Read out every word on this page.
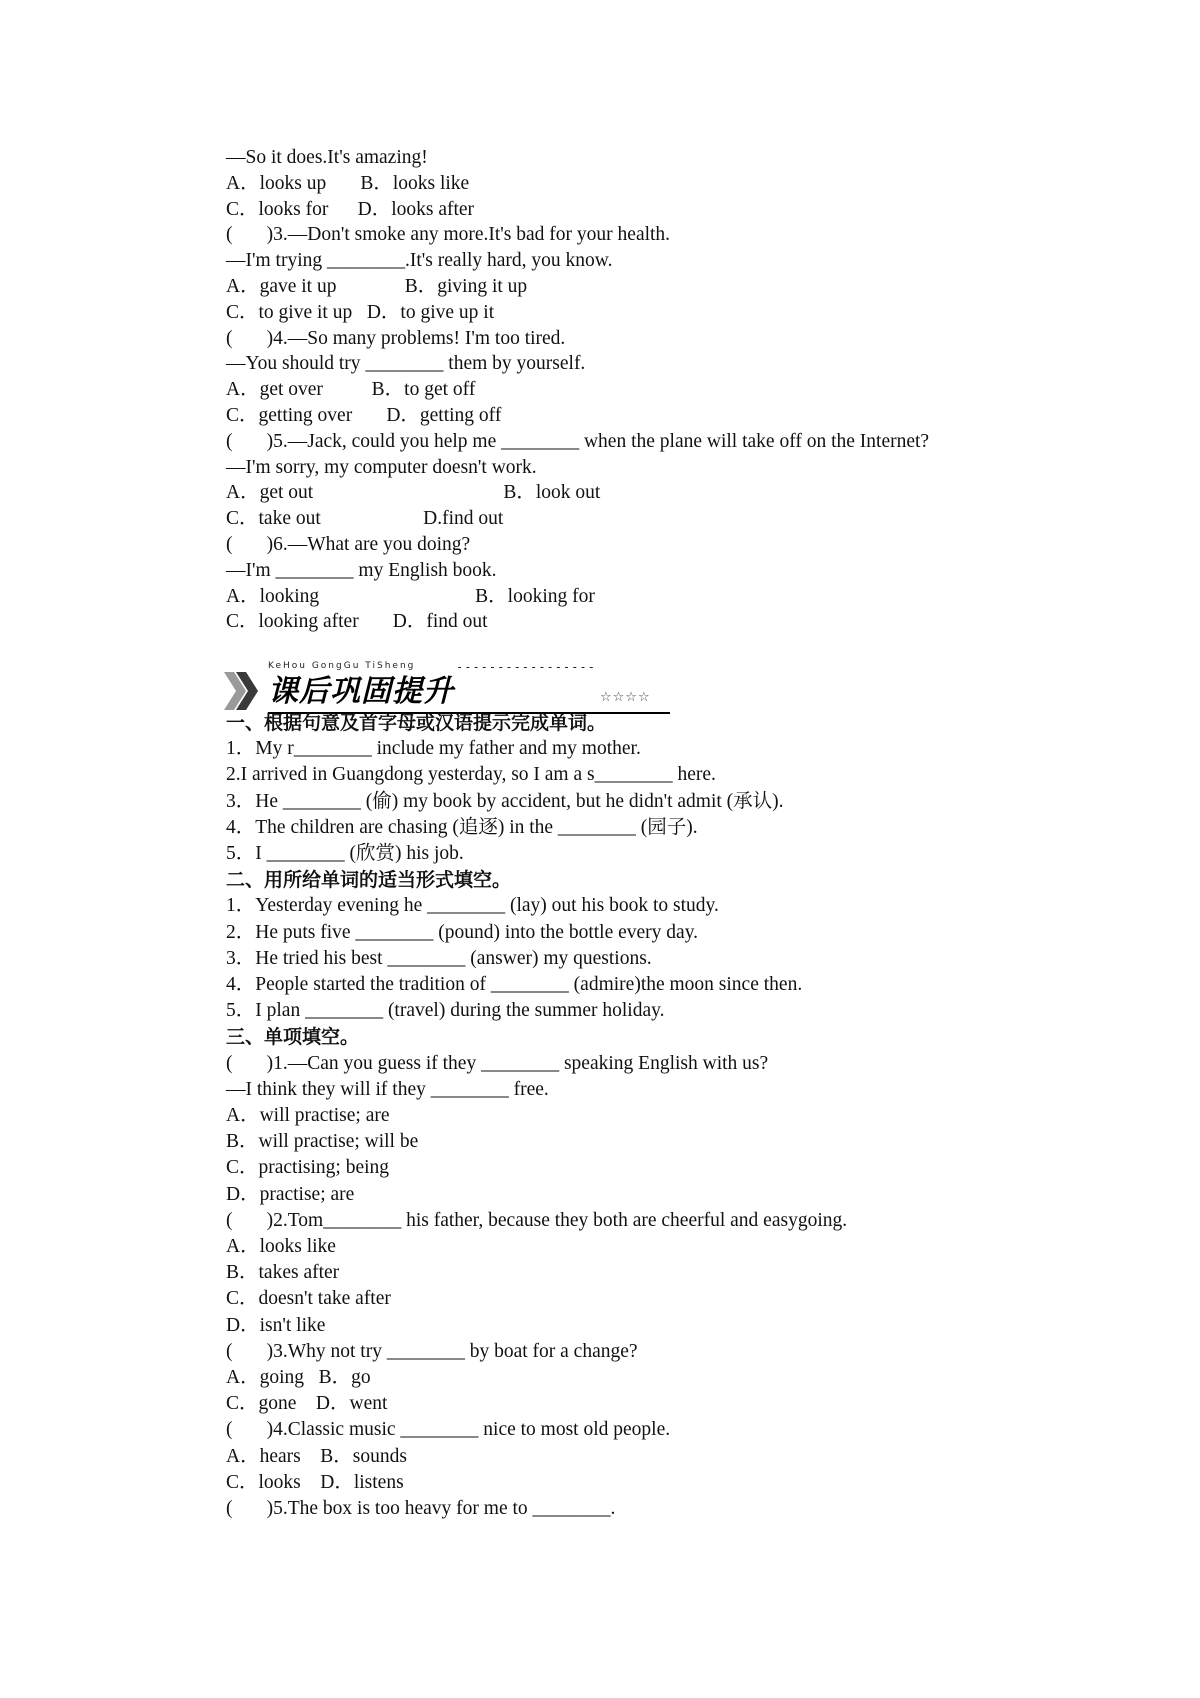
—So it does.It's amazing!
A．looks up       B．looks like
C．looks for      D．looks after
(       )3.—Don't smoke any more.It's bad for your health.
—I'm trying ________.It's really hard, you know.
A．gave it up              B．giving it up
C．to give it up   D．to give up it
(       )4.—So many problems! I'm too tired.
—You should try ________ them by yourself.
A．get over          B．to get off
C．getting over       D．getting off
(       )5.—Jack, could you help me ________ when the plane will take off on the Internet?
—I'm sorry, my computer doesn't work.
A．get out                                       B．look out
C．take out                     D.find out
(       )6.—What are you doing?
—I'm ________ my English book.
A．looking                                B．looking for
C．looking after       D．find out
KeHou GongGu TiSheng	-----------------
课后巩固提升	☆☆☆☆
一、根据句意及首字母或汉语提示完成单词。
1．My r________ include my father and my mother.
2.I arrived in Guangdong yesterday, so I am a s________ here.
3．He ________ (偷) my book by accident, but he didn't admit (承认).
4．The children are chasing (追逐) in the ________ (园子).
5．I ________ (欣赏) his job.
二、用所给单词的适当形式填空。
1．Yesterday evening he ________ (lay) out his book to study.
2．He puts five ________ (pound) into the bottle every day.
3．He tried his best ________ (answer) my questions.
4．People started the tradition of ________ (admire)the moon since then.
5．I plan ________ (travel) during the summer holiday.
三、单项填空。
(       )1.—Can you guess if they ________ speaking English with us?
—I think they will if they ________ free.
A．will practise; are
B．will practise; will be
C．practising; being
D．practise; are
(       )2.Tom________ his father, because they both are cheerful and easygoing.
A．looks like
B．takes after
C．doesn't take after
D．isn't like
(       )3.Why not try ________ by boat for a change?
A．going   B．go
C．gone    D．went
(       )4.Classic music ________ nice to most old people.
A．hears    B．sounds
C．looks    D．listens
(       )5.The box is too heavy for me to ________.
